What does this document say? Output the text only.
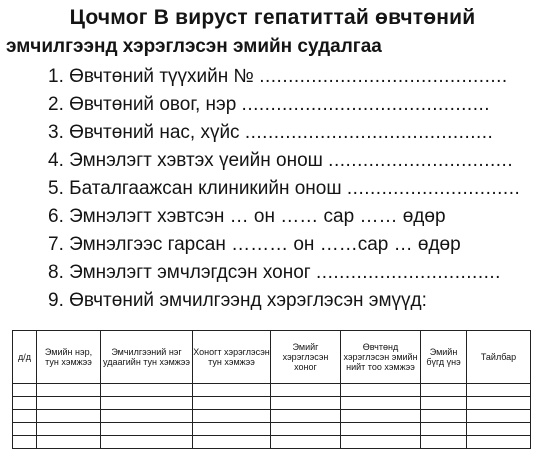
Цочмог В вируст гепатиттай өвчтөний
эмчилгээнд хэрэглэсэн эмийн судалгаа
1. Өвчтөний түүхийн № ...........................................
2. Өвчтөний овог, нэр ...........................................
3. Өвчтөний нас, хүйс ...........................................
4. Эмнэлэгт хэвтэх үеийн онош ................................
5. Баталгаажсан клиникийн онош ..............................
6. Эмнэлэгт хэвтсэн … он …… сар …… өдөр
7. Эмнэлгээс гарсан ……… он ……сар … өдөр
8. Эмнэлэгт эмчлэгдсэн хоног ................................
9. Өвчтөний эмчилгээнд хэрэглэсэн эмүүд:
д/д	Эмийн нэр, тун хэмжээ	Эмчилгээний нэг удаагийн тун хэмжээ	Хоногт хэрэглэсэн тун хэмжээ	Эмийг хэрэглэсэн хоног	Өвчтөнд хэрэглэсэн эмийн нийт тоо хэмжээ	Эмийн бүгд үнэ	Тайлбар
